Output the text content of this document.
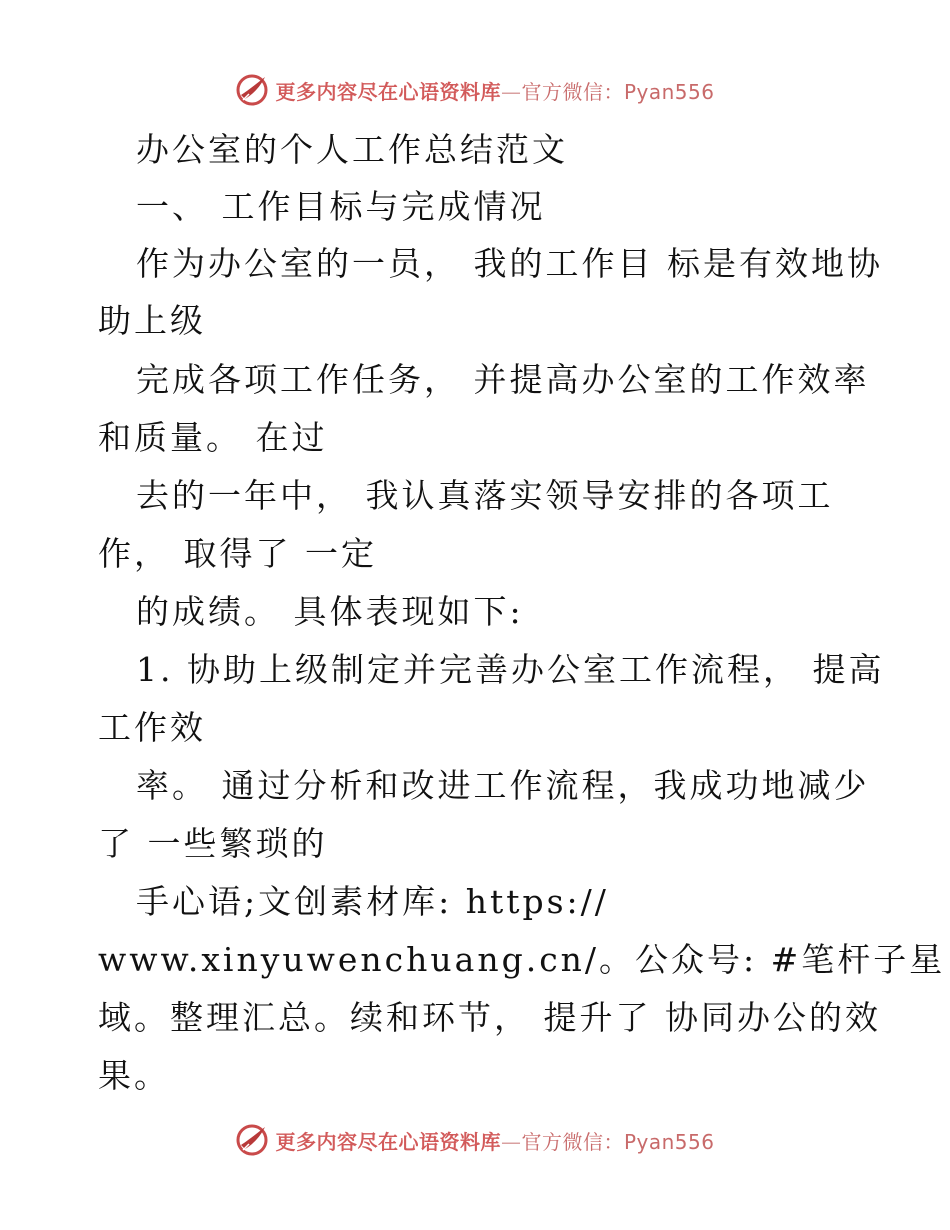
更多内容尽在心语资料库—官方微信：Pyan556
办公室的个人工作总结范文
一、 工作目标与完成情况
作为办公室的一员， 我的工作目 标是有效地协
助上级
完成各项工作任务， 并提高办公室的工作效率
和质量。 在过
去的一年中， 我认真落实领导安排的各项工
作， 取得了 一定
的成绩。 具体表现如下:
1. 协助上级制定并完善办公室工作流程， 提高
工作效
率。 通过分析和改进工作流程，我成功地减少
了 一些繁琐的
手心语;文创素材库: https://
www.xinyuwenchuang.cn/。公众号: #笔杆子星
域。整理汇总。续和环节， 提升了 协同办公的效
果。
更多内容尽在心语资料库—官方微信：Pyan556
